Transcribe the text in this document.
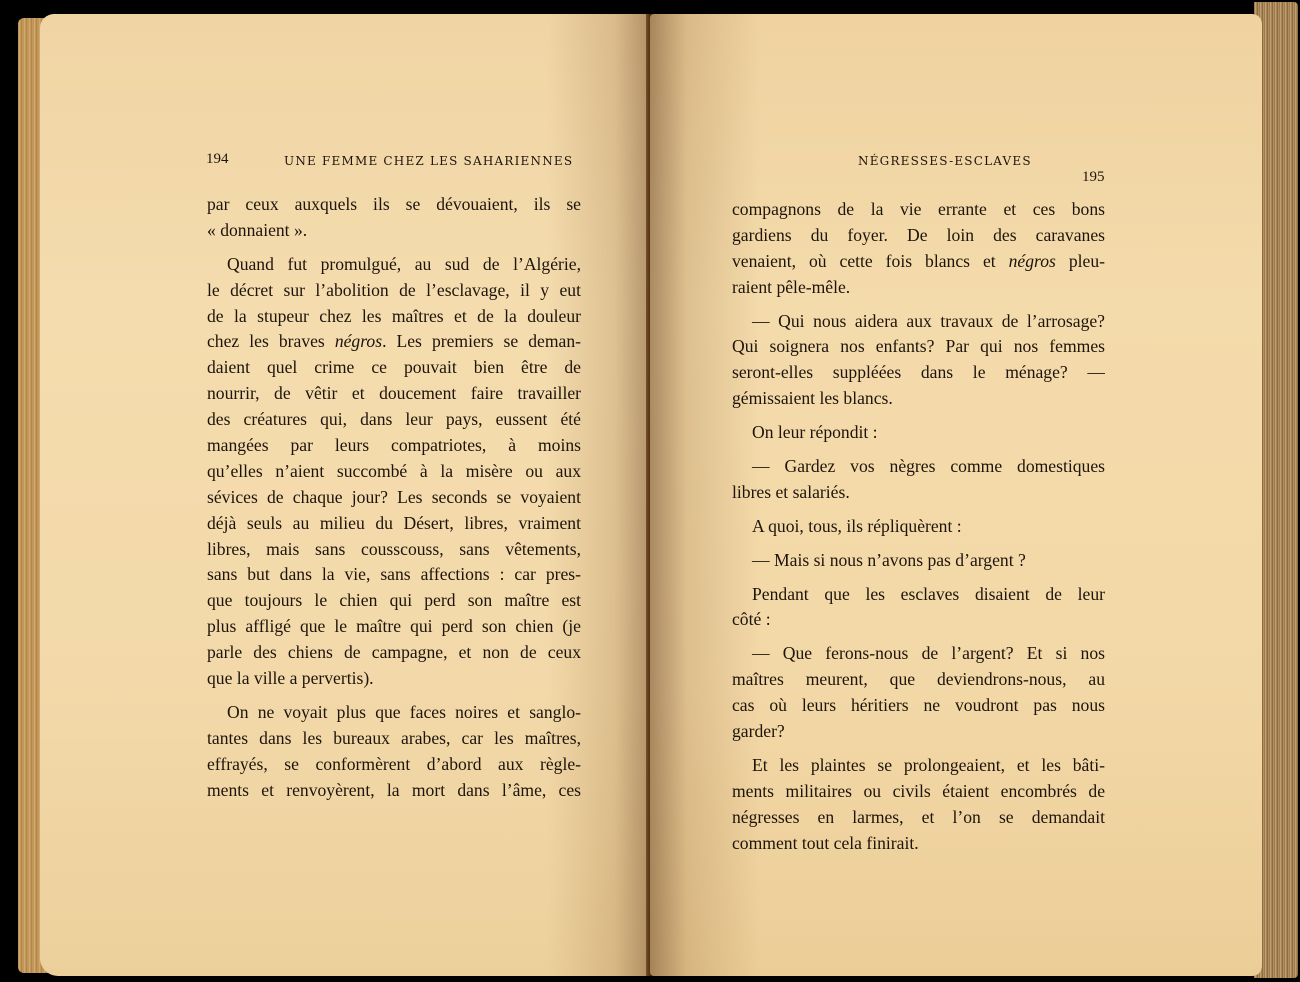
194	UNE FEMME CHEZ LES SAHARIENNES
par ceux auxquels ils se dévouaient, ils se
« donnaient ».
Quand fut promulgué, au sud de l’Algérie,
le décret sur l’abolition de l’esclavage, il y eut
de la stupeur chez les maîtres et de la douleur
chez les braves négros. Les premiers se deman-
daient quel crime ce pouvait bien être de
nourrir, de vêtir et doucement faire travailler
des créatures qui, dans leur pays, eussent été
mangées par leurs compatriotes, à moins
qu’elles n’aient succombé à la misère ou aux
sévices de chaque jour? Les seconds se voyaient
déjà seuls au milieu du Désert, libres, vraiment
libres, mais sans cousscouss, sans vêtements,
sans but dans la vie, sans affections : car pres-
que toujours le chien qui perd son maître est
plus affligé que le maître qui perd son chien (je
parle des chiens de campagne, et non de ceux
que la ville a pervertis).
On ne voyait plus que faces noires et sanglo-
tantes dans les bureaux arabes, car les maîtres,
effrayés, se conformèrent d’abord aux règle-
ments et renvoyèrent, la mort dans l’âme, ces
NÉGRESSES-ESCLAVES
195
compagnons de la vie errante et ces bons
gardiens du foyer. De loin des caravanes
venaient, où cette fois blancs et négros pleu-
raient pêle-mêle.
— Qui nous aidera aux travaux de l’arrosage?
Qui soignera nos enfants? Par qui nos femmes
seront-elles suppléées dans le ménage? —
gémissaient les blancs.
On leur répondit :
— Gardez vos nègres comme domestiques
libres et salariés.
A quoi, tous, ils répliquèrent :
— Mais si nous n’avons pas d’argent ?
Pendant que les esclaves disaient de leur
côté :
— Que ferons-nous de l’argent? Et si nos
maîtres meurent, que deviendrons-nous, au
cas où leurs héritiers ne voudront pas nous
garder?
Et les plaintes se prolongeaient, et les bâti-
ments militaires ou civils étaient encombrés de
négresses en larmes, et l’on se demandait
comment tout cela finirait.
